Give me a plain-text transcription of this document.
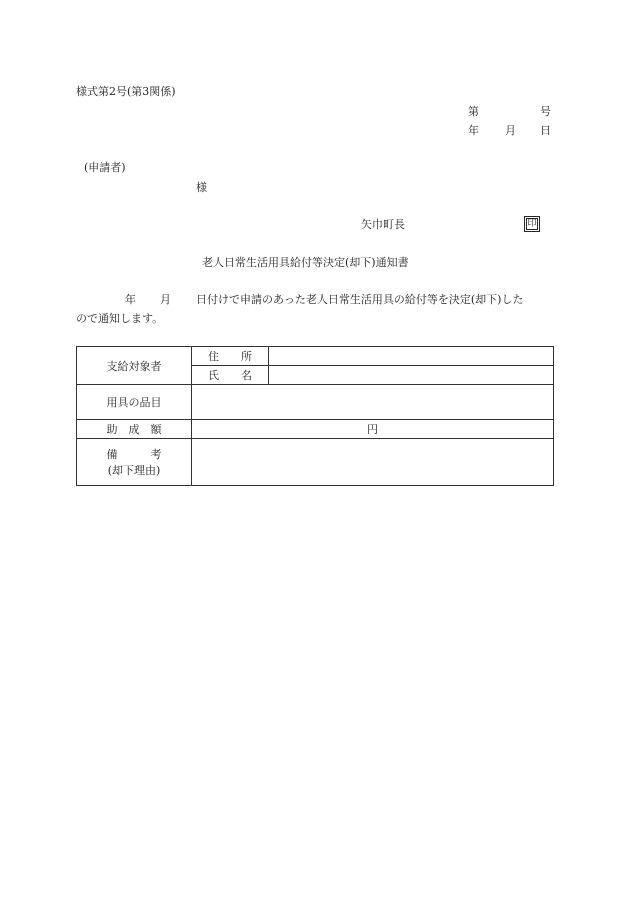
様式第2号(第3関係)
第	号
年 月 日
(申請者)
様
矢巾町長	印
老人日常生活用具給付等決定(却下)通知書
年 月 日付けで申請のあった老人日常生活用具の給付等を決定(却下)した
ので通知します。
支給対象者	住　　所	
	氏　　名	
用具の品目		
助　成　額	円	

備　　　考
(却下理由)		
